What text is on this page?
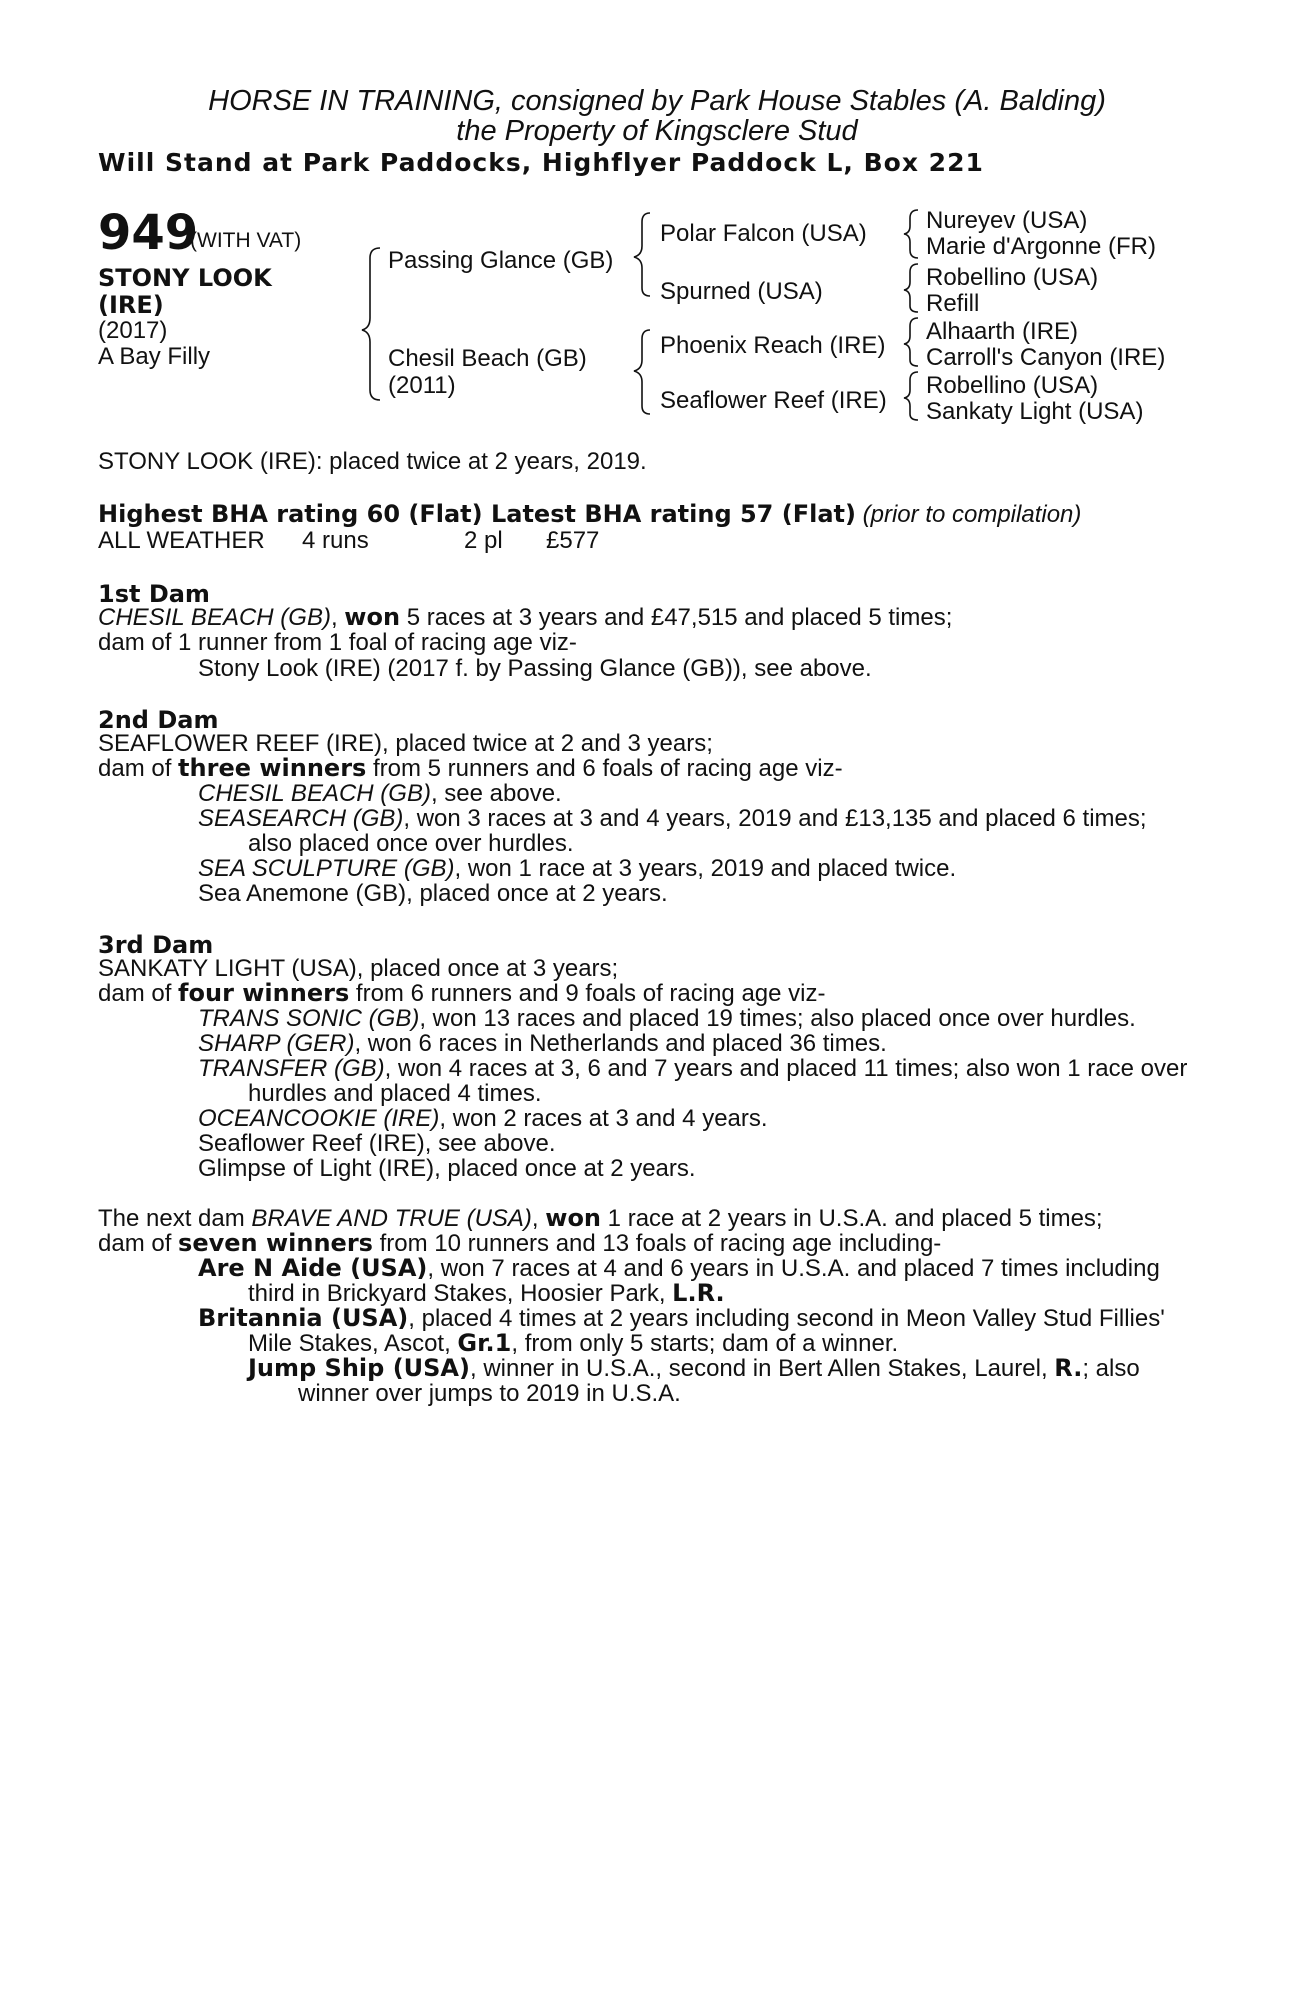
HORSE IN TRAINING, consigned by Park House Stables (A. Balding)
the Property of Kingsclere Stud
Will Stand at Park Paddocks, Highflyer Paddock L, Box 221
949
(WITH VAT)
STONY LOOK
(IRE)
(2017)
A Bay Filly
Passing Glance (GB)
Chesil Beach (GB)
(2011)
Polar Falcon (USA)
Spurned (USA)
Phoenix Reach (IRE)
Seaflower Reef (IRE)
Nureyev (USA)
Marie d'Argonne (FR)
Robellino (USA)
Refill
Alhaarth (IRE)
Carroll's Canyon (IRE)
Robellino (USA)
Sankaty Light (USA)
STONY LOOK (IRE): placed twice at 2 years, 2019.
Highest BHA rating 60 (Flat) Latest BHA rating 57 (Flat) (prior to compilation)
ALL WEATHER 4 runs	2 pl £577
1st Dam
CHESIL BEACH (GB), won 5 races at 3 years and £47,515 and placed 5 times;
dam of 1 runner from 1 foal of racing age viz-
Stony Look (IRE) (2017 f. by Passing Glance (GB)), see above.
2nd Dam
SEAFLOWER REEF (IRE), placed twice at 2 and 3 years;
dam of three winners from 5 runners and 6 foals of racing age viz-
CHESIL BEACH (GB), see above.
SEASEARCH (GB), won 3 races at 3 and 4 years, 2019 and £13,135 and placed 6 times;
also placed once over hurdles.
SEA SCULPTURE (GB), won 1 race at 3 years, 2019 and placed twice.
Sea Anemone (GB), placed once at 2 years.
3rd Dam
SANKATY LIGHT (USA), placed once at 3 years;
dam of four winners from 6 runners and 9 foals of racing age viz-
TRANS SONIC (GB), won 13 races and placed 19 times; also placed once over hurdles.
SHARP (GER), won 6 races in Netherlands and placed 36 times.
TRANSFER (GB), won 4 races at 3, 6 and 7 years and placed 11 times; also won 1 race over
hurdles and placed 4 times.
OCEANCOOKIE (IRE), won 2 races at 3 and 4 years.
Seaflower Reef (IRE), see above.
Glimpse of Light (IRE), placed once at 2 years.
The next dam BRAVE AND TRUE (USA), won 1 race at 2 years in U.S.A. and placed 5 times;
dam of seven winners from 10 runners and 13 foals of racing age including-
Are N Aide (USA), won 7 races at 4 and 6 years in U.S.A. and placed 7 times including
third in Brickyard Stakes, Hoosier Park, L.R.
Britannia (USA), placed 4 times at 2 years including second in Meon Valley Stud Fillies'
Mile Stakes, Ascot, Gr.1, from only 5 starts; dam of a winner.
Jump Ship (USA), winner in U.S.A., second in Bert Allen Stakes, Laurel, R.; also
winner over jumps to 2019 in U.S.A.
